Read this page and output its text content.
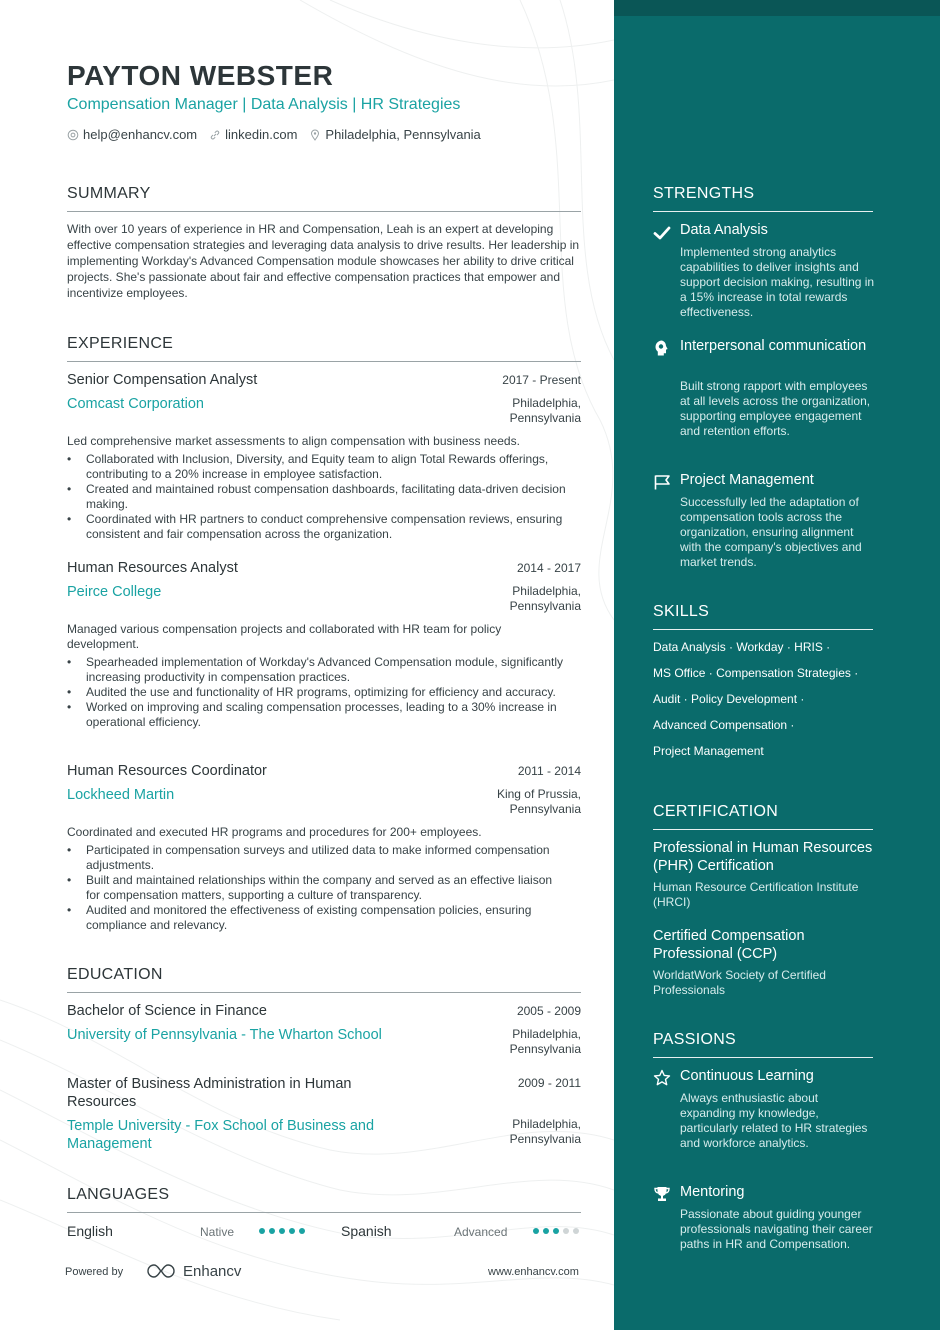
PAYTON WEBSTER
Compensation Manager | Data Analysis | HR Strategies
help@enhancv.com linkedin.com Philadelphia, Pennsylvania
SUMMARY
With over 10 years of experience in HR and Compensation, Leah is an expert at developing effective compensation strategies and leveraging data analysis to drive results. Her leadership in implementing Workday's Advanced Compensation module showcases her ability to drive critical projects. She's passionate about fair and effective compensation practices that empower and incentivize employees.
EXPERIENCE
Senior Compensation Analyst	2017 - Present
Comcast Corporation	Philadelphia, Pennsylvania
Led comprehensive market assessments to align compensation with business needs.
• Collaborated with Inclusion, Diversity, and Equity team to align Total Rewards offerings, contributing to a 20% increase in employee satisfaction.
• Created and maintained robust compensation dashboards, facilitating data-driven decision making.
• Coordinated with HR partners to conduct comprehensive compensation reviews, ensuring consistent and fair compensation across the organization.
Human Resources Analyst	2014 - 2017
Peirce College	Philadelphia, Pennsylvania
Managed various compensation projects and collaborated with HR team for policy development.
• Spearheaded implementation of Workday's Advanced Compensation module, significantly increasing productivity in compensation practices.
• Audited the use and functionality of HR programs, optimizing for efficiency and accuracy.
• Worked on improving and scaling compensation processes, leading to a 30% increase in operational efficiency.
Human Resources Coordinator	2011 - 2014
Lockheed Martin	King of Prussia, Pennsylvania
Coordinated and executed HR programs and procedures for 200+ employees.
• Participated in compensation surveys and utilized data to make informed compensation adjustments.
• Built and maintained relationships within the company and served as an effective liaison for compensation matters, supporting a culture of transparency.
• Audited and monitored the effectiveness of existing compensation policies, ensuring compliance and relevancy.
EDUCATION
Bachelor of Science in Finance	2005 - 2009
University of Pennsylvania - The Wharton School	Philadelphia, Pennsylvania
Master of Business Administration in Human Resources
2009 - 2011
Temple University - Fox School of Business and Management
Philadelphia, Pennsylvania
LANGUAGES
English	Native	Spanish	Advanced
Powered by	Enhancv	www.enhancv.com
STRENGTHS
Data Analysis
Implemented strong analytics capabilities to deliver insights and support decision making, resulting in a 15% increase in total rewards effectiveness.
Interpersonal communication
Built strong rapport with employees at all levels across the organization, supporting employee engagement and retention efforts.
Project Management
Successfully led the adaptation of compensation tools across the organization, ensuring alignment with the company's objectives and market trends.
SKILLS
Data Analysis · Workday · HRIS ·
MS Office · Compensation Strategies ·
Audit · Policy Development ·
Advanced Compensation ·
Project Management
CERTIFICATION
Professional in Human Resources (PHR) Certification
Human Resource Certification Institute (HRCI)
Certified Compensation Professional (CCP)
WorldatWork Society of Certified Professionals
PASSIONS
Continuous Learning
Always enthusiastic about expanding my knowledge, particularly related to HR strategies and workforce analytics.
Mentoring
Passionate about guiding younger professionals navigating their career paths in HR and Compensation.
